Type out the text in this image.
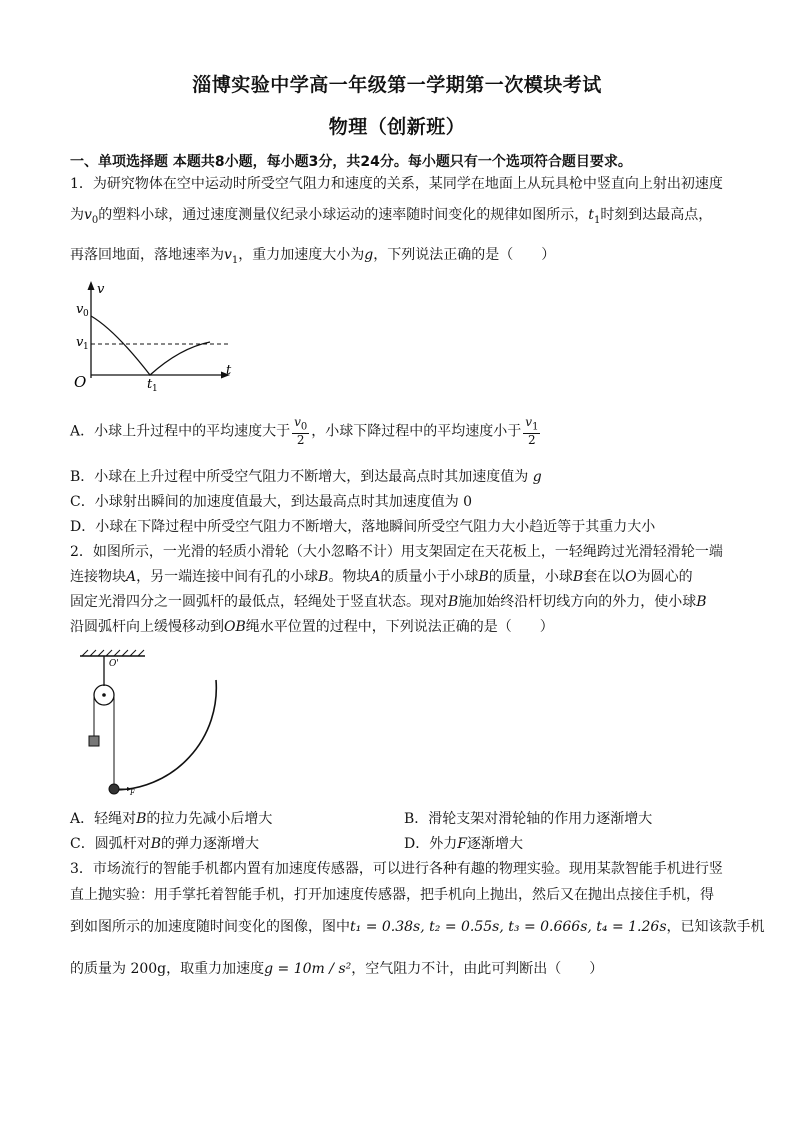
淄博实验中学高一年级第一学期第一次模块考试
物理（创新班）
一、单项选择题 本题共8小题，每小题3分，共24分。每小题只有一个选项符合题目要求。
1．为研究物体在空中运动时所受空气阻力和速度的关系，某同学在地面上从玩具枪中竖直向上射出初速度
为$v_0$的塑料小球，通过速度测量仪纪录小球运动的速率随时间变化的规律如图所示，$t_1$时刻到达最高点，
再落回地面，落地速率为$v_1$，重力加速度大小为g，下列说法正确的是（　　）
v
t
O
v 0
v 1
t 1
A．小球上升过程中的平均速度大于 $\frac{v_0}{2}$ ，小球下降过程中的平均速度小于 $\frac{v_1}{2}$
B．小球在上升过程中所受空气阻力不断增大，到达最高点时其加速度值为 g
C．小球射出瞬间的加速度值最大，到达最高点时其加速度值为 0
D．小球在下降过程中所受空气阻力不断增大，落地瞬间所受空气阻力大小趋近等于其重力大小
2．如图所示，一光滑的轻质小滑轮（大小忽略不计）用支架固定在天花板上，一轻绳跨过光滑轻滑轮一端
连接物块A，另一端连接中间有孔的小球B。物块A的质量小于小球B的质量，小球B套在以O为圆心的
固定光滑四分之一圆弧杆的最低点，轻绳处于竖直状态。现对B施加始终沿杆切线方向的外力，使小球B
沿圆弧杆向上缓慢移动到OB绳水平位置的过程中，下列说法正确的是（　　）
O'
F
A．轻绳对B的拉力先减小后增大	B．滑轮支架对滑轮轴的作用力逐渐增大
C．圆弧杆对B的弹力逐渐增大	D．外力F逐渐增大
3．市场流行的智能手机都内置有加速度传感器，可以进行各种有趣的物理实验。现用某款智能手机进行竖
直上抛实验：用手掌托着智能手机，打开加速度传感器，把手机向上抛出，然后又在抛出点接住手机，得
到如图所示的加速度随时间变化的图像，图中t₁ = 0.38s, t₂ = 0.55s, t₃ = 0.666s, t₄ = 1.26s，已知该款手机
的质量为 200g，取重力加速度g = 10m / s²，空气阻力不计，由此可判断出（　　）
